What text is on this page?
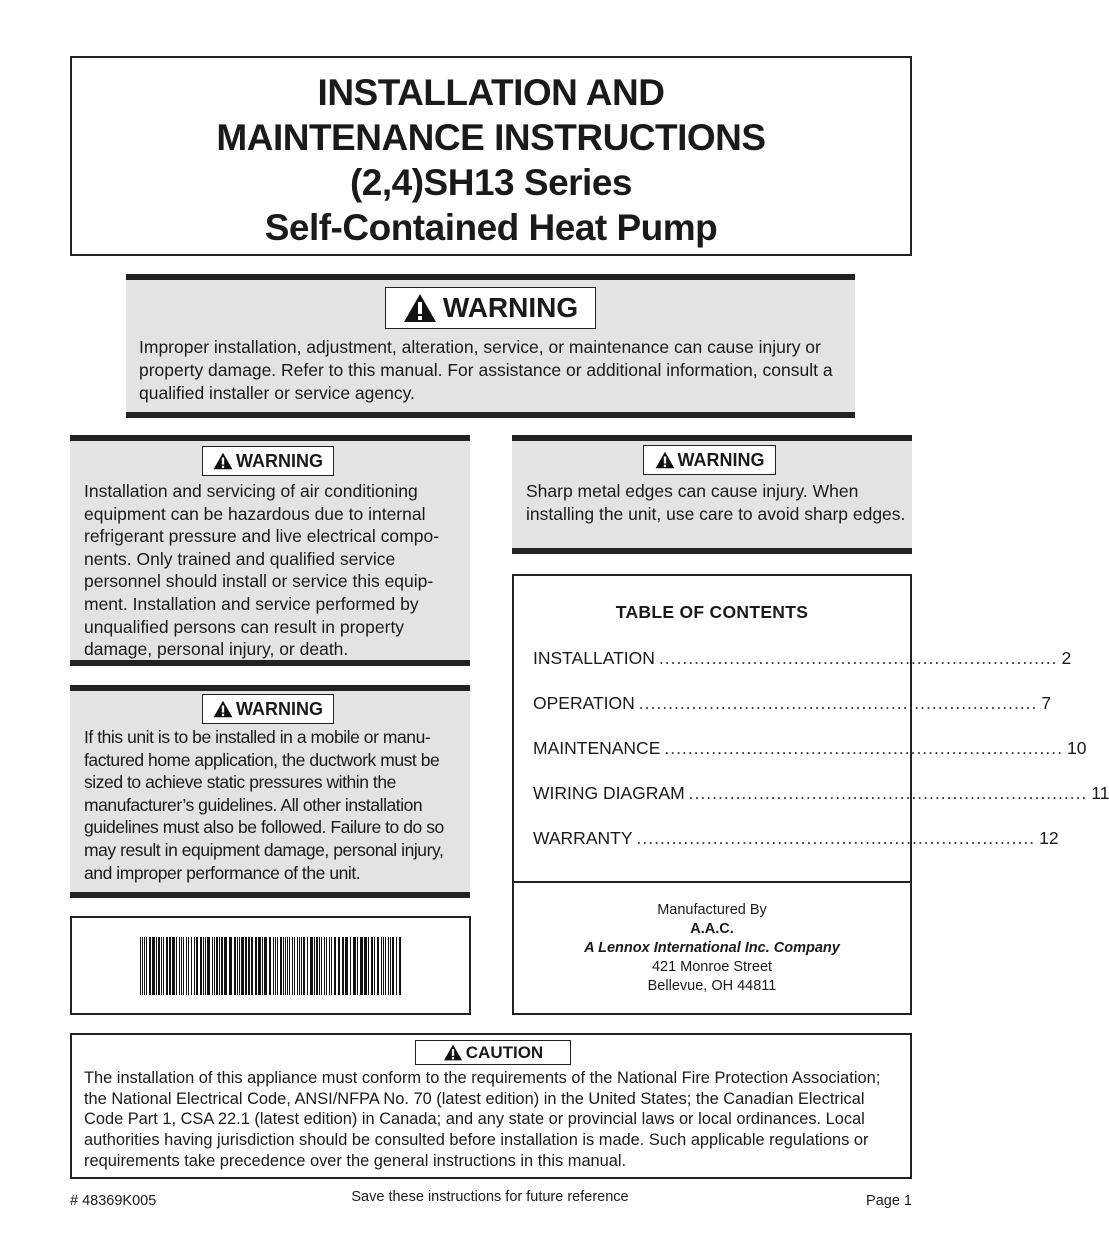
INSTALLATION AND
MAINTENANCE INSTRUCTIONS
(2,4)SH13 Series
Self-Contained Heat Pump
WARNING
Improper installation, adjustment, alteration, service, or maintenance can cause injury or property damage. Refer to this manual. For assistance or additional information, consult a qualified installer or service agency.
WARNING
Installation and servicing of air conditioning equipment can be hazardous due to internal refrigerant pressure and live electrical compo-nents. Only trained and qualified service personnel should install or service this equip-ment. Installation and service performed by unqualified persons can result in property damage, personal injury, or death.
WARNING
If this unit is to be installed in a mobile or manu-factured home application, the ductwork must be sized to achieve static pressures within the manufacturer’s guidelines. All other installation guidelines must also be followed. Failure to do so may result in equipment damage, personal injury, and improper performance of the unit.
WARNING
Sharp metal edges can cause injury. When installing the unit, use care to avoid sharp edges.
TABLE OF CONTENTS
INSTALLATION .................................................................... 2
OPERATION .................................................................... 7
MAINTENANCE .................................................................... 10
WIRING DIAGRAM .................................................................... 11
WARRANTY .................................................................... 12
Manufactured By
A.A.C.
A Lennox International Inc. Company
421 Monroe Street
Bellevue, OH 44811
CAUTION
The installation of this appliance must conform to the requirements of the National Fire Protection Association; the National Electrical Code, ANSI/NFPA No. 70 (latest edition) in the United States; the Canadian Electrical Code Part 1, CSA 22.1 (latest edition) in Canada; and any state or provincial laws or local ordinances. Local authorities having jurisdiction should be consulted before installation is made. Such applicable regulations or requirements take precedence over the general instructions in this manual.
# 48369K005	Save these instructions for future reference	Page 1
